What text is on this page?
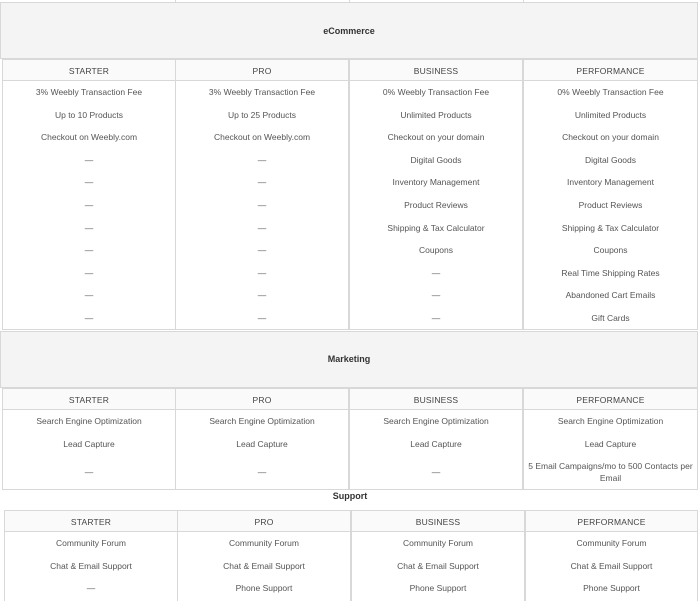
eCommerce
STARTER
3% Weebly Transaction Fee
Up to 10 Products
Checkout on Weebly.com
—
—
—
—
—
—
—
—
PRO
3% Weebly Transaction Fee
Up to 25 Products
Checkout on Weebly.com
—
—
—
—
—
—
—
—
BUSINESS
0% Weebly Transaction Fee
Unlimited Products
Checkout on your domain
Digital Goods
Inventory Management
Product Reviews
Shipping & Tax Calculator
Coupons
—
—
—
PERFORMANCE
0% Weebly Transaction Fee
Unlimited Products
Checkout on your domain
Digital Goods
Inventory Management
Product Reviews
Shipping & Tax Calculator
Coupons
Real Time Shipping Rates
Abandoned Cart Emails
Gift Cards
Marketing
STARTER
Search Engine Optimization
Lead Capture
—
PRO
Search Engine Optimization
Lead Capture
—
BUSINESS
Search Engine Optimization
Lead Capture
—
PERFORMANCE
Search Engine Optimization
Lead Capture
5 Email Campaigns/mo to 500 Contacts per Email
Support
STARTER
Community Forum
Chat & Email Support
—
PRO
Community Forum
Chat & Email Support
Phone Support
BUSINESS
Community Forum
Chat & Email Support
Phone Support
PERFORMANCE
Community Forum
Chat & Email Support
Phone Support
